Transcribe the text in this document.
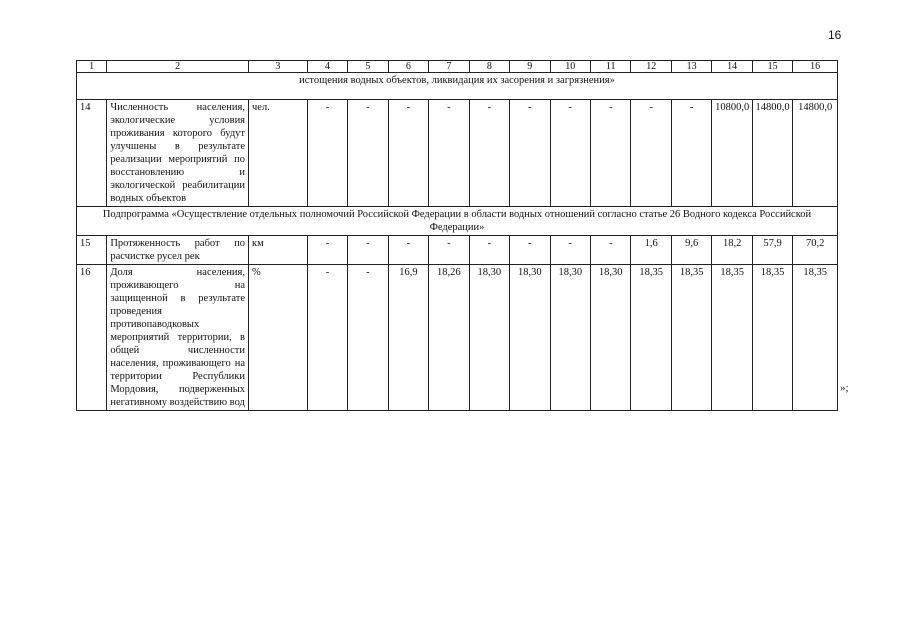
16
1	2	3	4	5	6	7	8	9	10	11	12	13	14	15	16
истощения водных объектов, ликвидация их засорения и загрязнения»															
14	Численность населения, экологические условия проживания которого будут улучшены в результате реализации мероприятий по восстановлению и экологической реабилитации водных объектов	чел.	-	-	-	-	-	-	-	-	-	-	10800,0	14800,0	14800,0
Подпрограмма «Осуществление отдельных полномочий Российской Федерации в области водных отношений согласно статье 26 Водного кодекса Российской Федерации»															
15	Протяженность работ по расчистке русел рек	км	-	-	-	-	-	-	-	-	1,6	9,6	18,2	57,9	70,2
16	Доля населения, проживающего на защищенной в результате проведения противопаводковых мероприятий территории, в общей численности населения, проживающего на территории Республики Мордовия, подверженных негативному воздействию вод	%	-	-	16,9	18,26	18,30	18,30	18,30	18,30	18,35	18,35	18,35	18,35	18,35
»;
